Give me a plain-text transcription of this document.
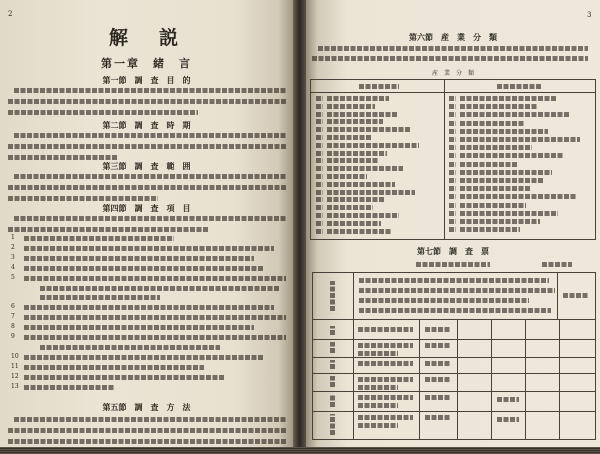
2
解　説
第一章　緒　言
第一節　調　査　目　的
第二節　調　査　時　期
第三節　調　査　範　囲
第四節　調　査　項　目
第五節　調　査　方　法
1
2
3
4
5
6
7
8
9
10
11
12
13
3
第六節　産　業　分　類
産　業　分　類
第七節　調　査　票
